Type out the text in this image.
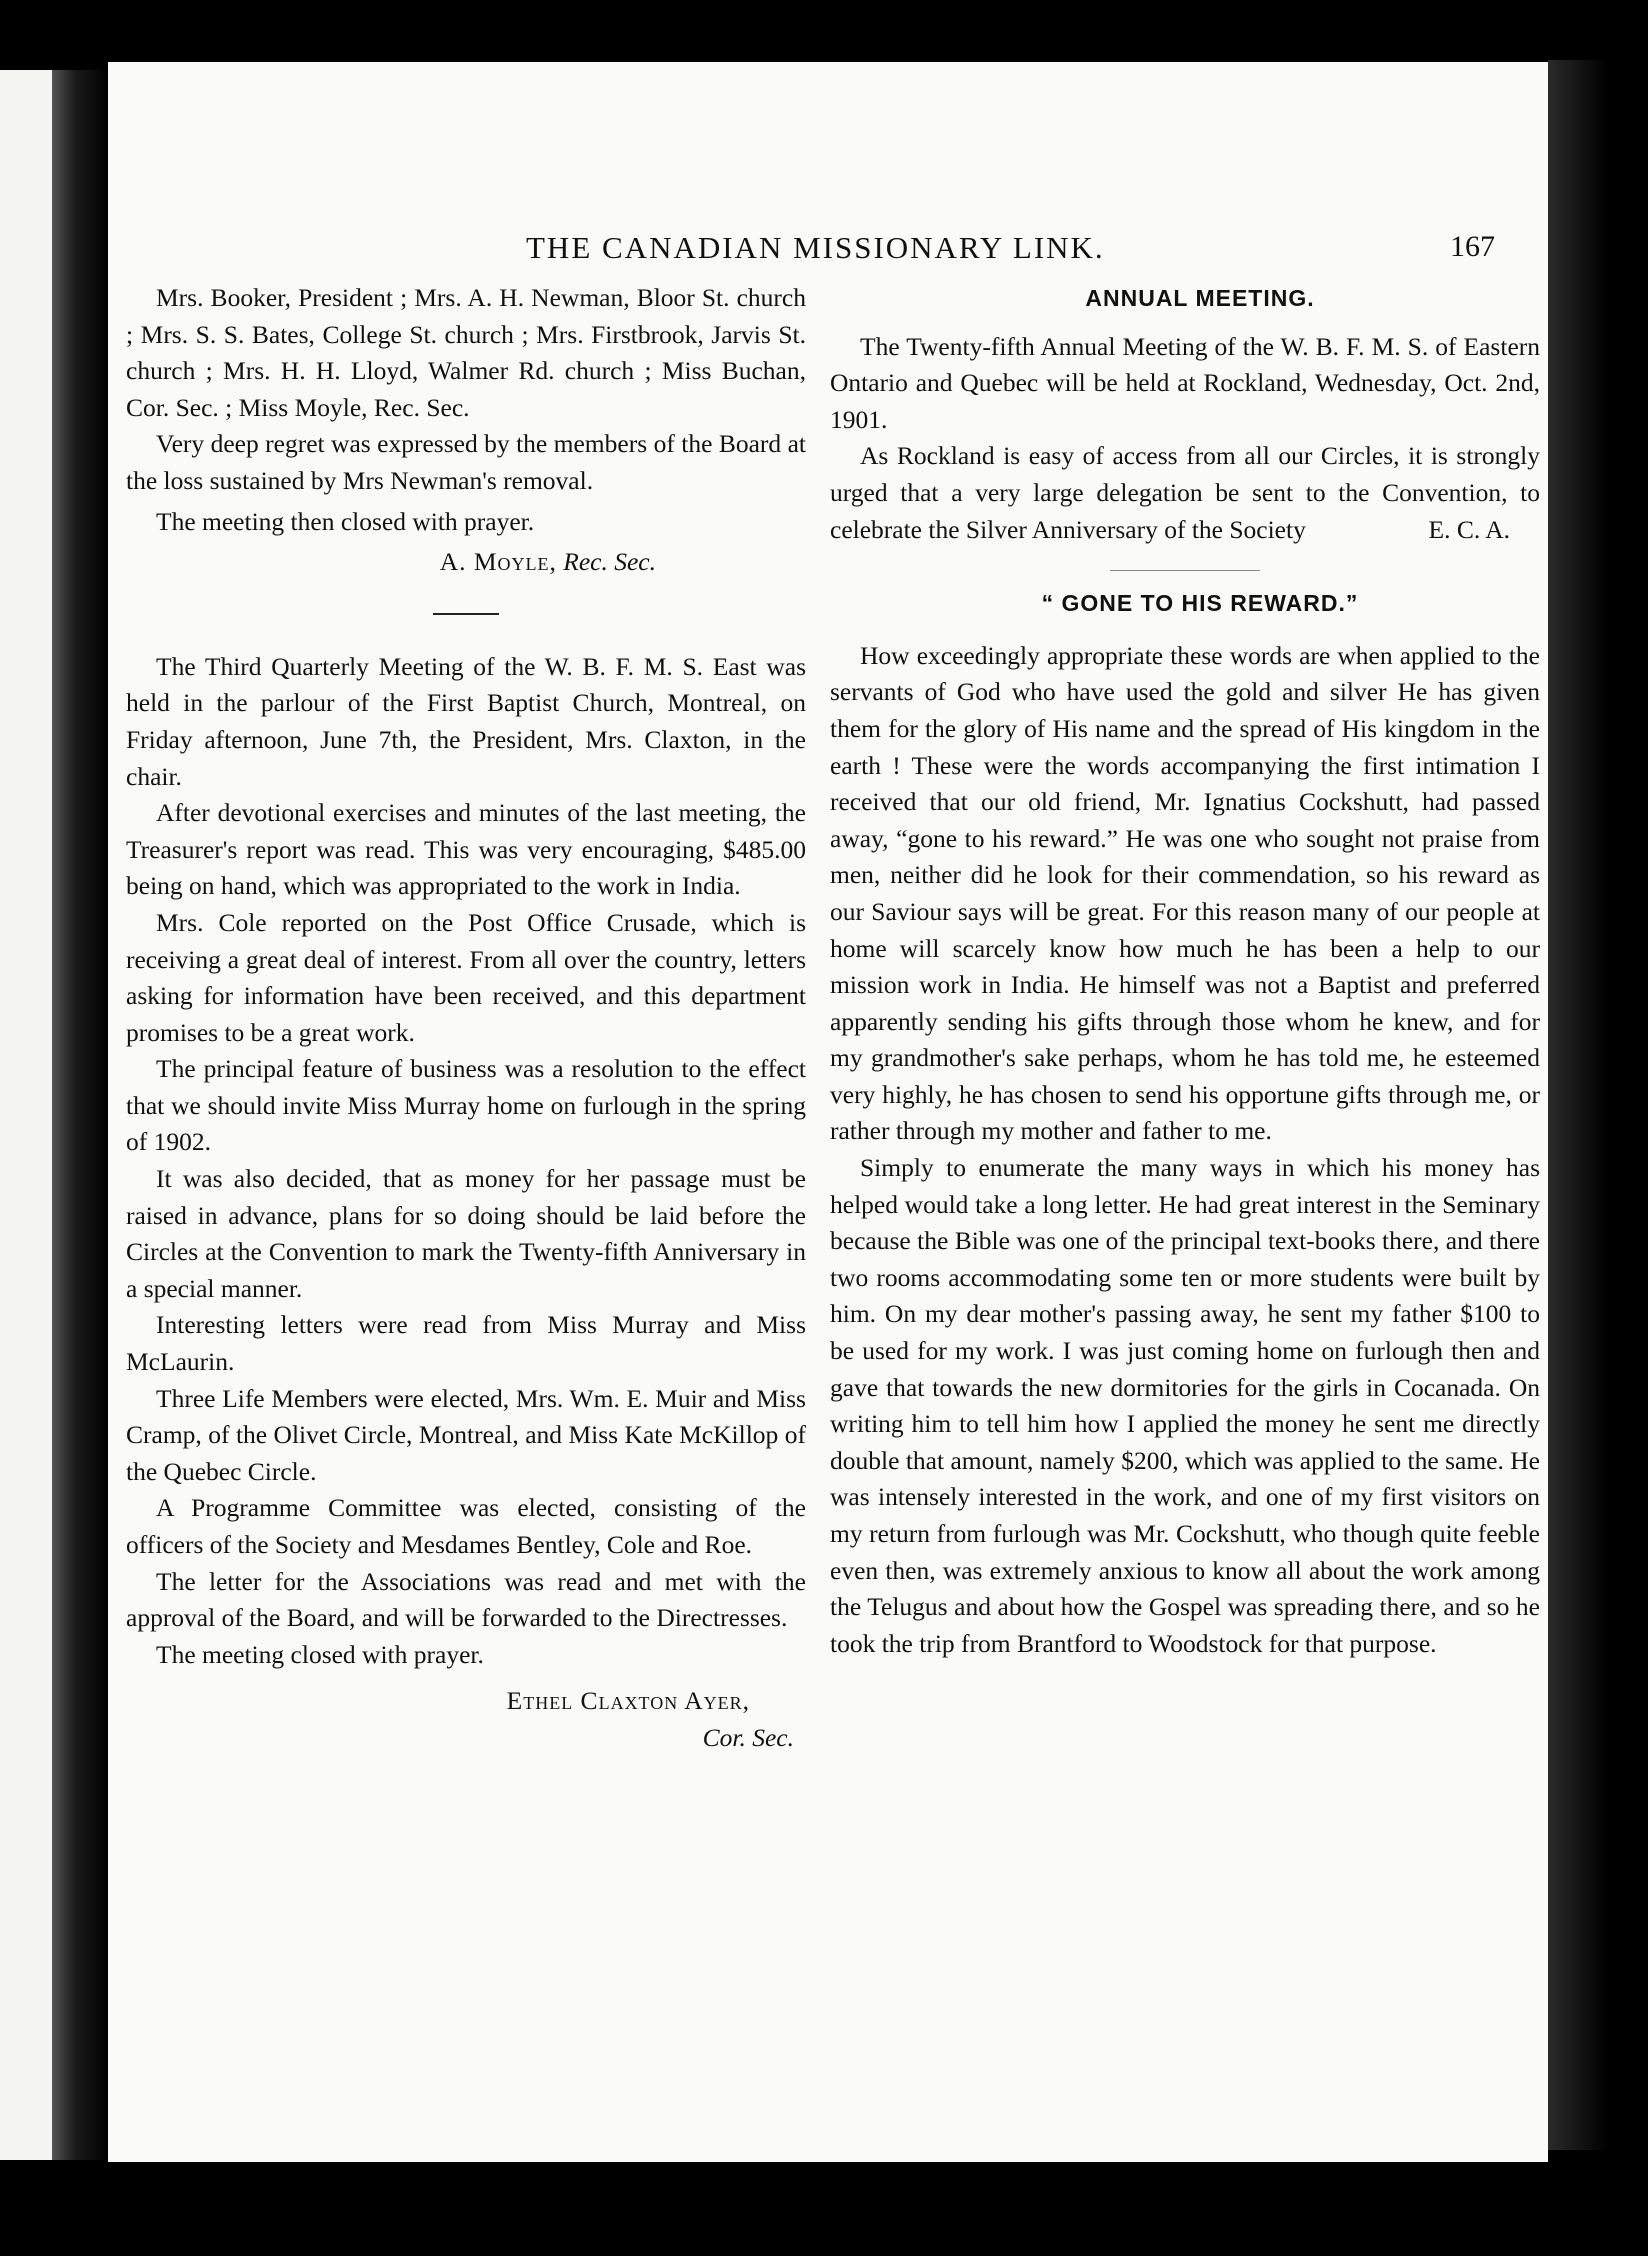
THE CANADIAN MISSIONARY LINK.	167

Mrs. Booker, President ; Mrs. A. H. Newman, Bloor St. church ; Mrs. S. S. Bates, College St. church ; Mrs. Firstbrook, Jarvis St. church ; Mrs. H. H. Lloyd, Walmer Rd. church ; Miss Buchan, Cor. Sec. ; Miss Moyle, Rec. Sec.

Very deep regret was expressed by the members of the Board at the loss sustained by Mrs Newman's removal.

The meeting then closed with prayer.

A. Moyle, Rec. Sec.

The Third Quarterly Meeting of the W. B. F. M. S. East was held in the parlour of the First Baptist Church, Montreal, on Friday afternoon, June 7th, the President, Mrs. Claxton, in the chair.

After devotional exercises and minutes of the last meeting, the Treasurer's report was read. This was very encouraging, $485.00 being on hand, which was appropriated to the work in India.

Mrs. Cole reported on the Post Office Crusade, which is receiving a great deal of interest. From all over the country, letters asking for information have been received, and this department promises to be a great work.

The principal feature of business was a resolution to the effect that we should invite Miss Murray home on furlough in the spring of 1902.

It was also decided, that as money for her passage must be raised in advance, plans for so doing should be laid before the Circles at the Convention to mark the Twenty-fifth Anniversary in a special manner.

Interesting letters were read from Miss Murray and Miss McLaurin.

Three Life Members were elected, Mrs. Wm. E. Muir and Miss Cramp, of the Olivet Circle, Montreal, and Miss Kate McKillop of the Quebec Circle.

A Programme Committee was elected, consisting of the officers of the Society and Mesdames Bentley, Cole and Roe.

The letter for the Associations was read and met with the approval of the Board, and will be forwarded to the Directresses.

The meeting closed with prayer.

Ethel Claxton Ayer,

Cor. Sec.

ANNUAL MEETING.

The Twenty-fifth Annual Meeting of the W. B. F. M. S. of Eastern Ontario and Quebec will be held at Rockland, Wednesday, Oct. 2nd, 1901.

As Rockland is easy of access from all our Circles, it is strongly urged that a very large delegation be sent to the Convention, to celebrate the Silver Anniversary of the Society	E. C. A.

“ GONE TO HIS REWARD.”

How exceedingly appropriate these words are when applied to the servants of God who have used the gold and silver He has given them for the glory of His name and the spread of His kingdom in the earth ! These were the words accompanying the first intimation I received that our old friend, Mr. Ignatius Cockshutt, had passed away, “gone to his reward.” He was one who sought not praise from men, neither did he look for their commendation, so his reward as our Saviour says will be great. For this reason many of our people at home will scarcely know how much he has been a help to our mission work in India. He himself was not a Baptist and preferred apparently sending his gifts through those whom he knew, and for my grandmother's sake perhaps, whom he has told me, he esteemed very highly, he has chosen to send his opportune gifts through me, or rather through my mother and father to me.

Simply to enumerate the many ways in which his money has helped would take a long letter. He had great interest in the Seminary because the Bible was one of the principal text-books there, and there two rooms accommodating some ten or more students were built by him. On my dear mother's passing away, he sent my father $100 to be used for my work. I was just coming home on furlough then and gave that towards the new dormitories for the girls in Cocanada. On writing him to tell him how I applied the money he sent me directly double that amount, namely $200, which was applied to the same. He was intensely interested in the work, and one of my first visitors on my return from furlough was Mr. Cockshutt, who though quite feeble even then, was extremely anxious to know all about the work among the Telugus and about how the Gospel was spreading there, and so he took the trip from Brantford to Woodstock for that purpose.
